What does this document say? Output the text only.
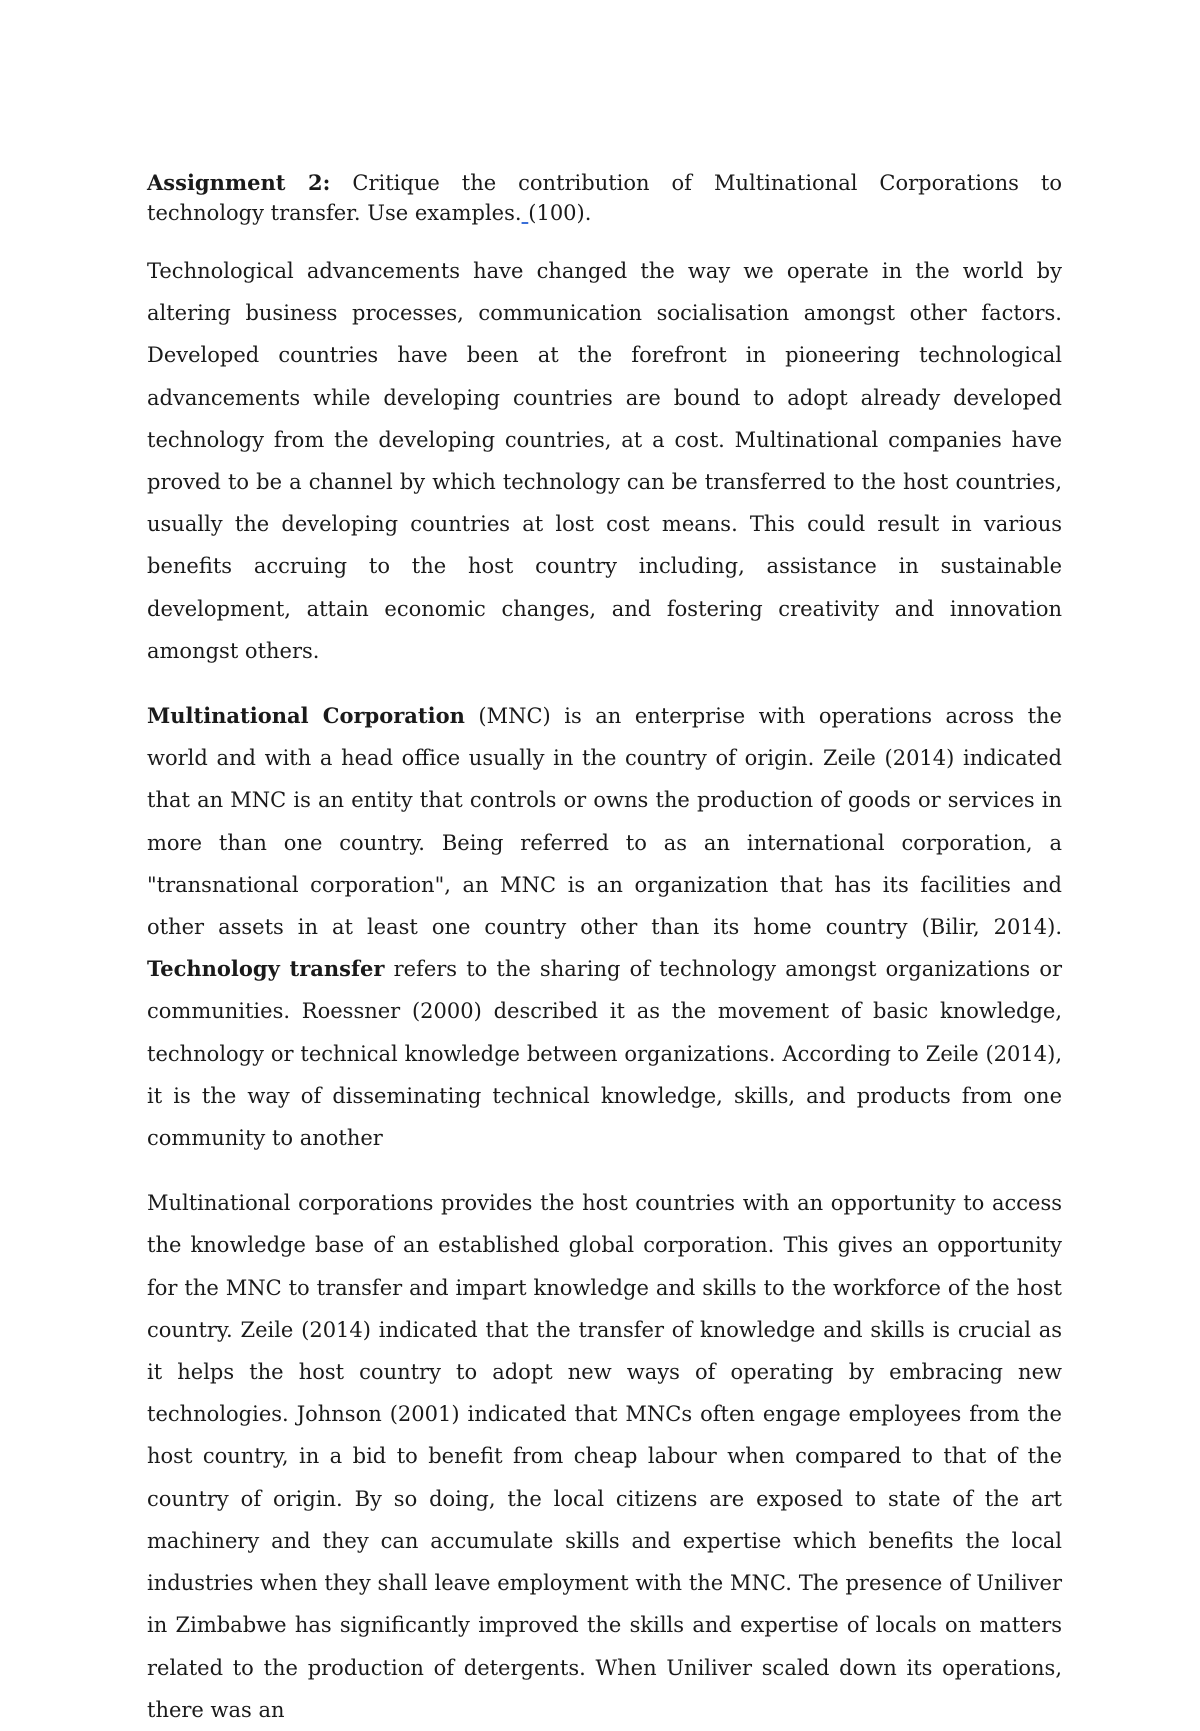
Assignment 2: Critique the contribution of Multinational Corporations to technology transfer. Use examples. (100).

Technological advancements have changed the way we operate in the world by altering business processes, communication socialisation amongst other factors. Developed countries have been at the forefront in pioneering technological advancements while developing countries are bound to adopt already developed technology from the developing countries, at a cost. Multinational companies have proved to be a channel by which technology can be transferred to the host countries, usually the developing countries at lost cost means. This could result in various benefits accruing to the host country including, assistance in sustainable development, attain economic changes, and fostering creativity and innovation amongst others.

Multinational Corporation (MNC) is an enterprise with operations across the world and with a head office usually in the country of origin. Zeile (2014) indicated that an MNC is an entity that controls or owns the production of goods or services in more than one country. Being referred to as an international corporation, a "transnational corporation", an MNC is an organization that has its facilities and other assets in at least one country other than its home country (Bilir, 2014). Technology transfer refers to the sharing of technology amongst organizations or communities. Roessner (2000) described it as the movement of basic knowledge, technology or technical knowledge between organizations. According to Zeile (2014), it is the way of disseminating technical knowledge, skills, and products from one community to another

Multinational corporations provides the host countries with an opportunity to access the knowledge base of an established global corporation. This gives an opportunity for the MNC to transfer and impart knowledge and skills to the workforce of the host country. Zeile (2014) indicated that the transfer of knowledge and skills is crucial as it helps the host country to adopt new ways of operating by embracing new technologies. Johnson (2001) indicated that MNCs often engage employees from the host country, in a bid to benefit from cheap labour when compared to that of the country of origin. By so doing, the local citizens are exposed to state of the art machinery and they can accumulate skills and expertise which benefits the local industries when they shall leave employment with the MNC. The presence of Uniliver in Zimbabwe has significantly improved the skills and expertise of locals on matters related to the production of detergents. When Uniliver scaled down its operations, there was an
